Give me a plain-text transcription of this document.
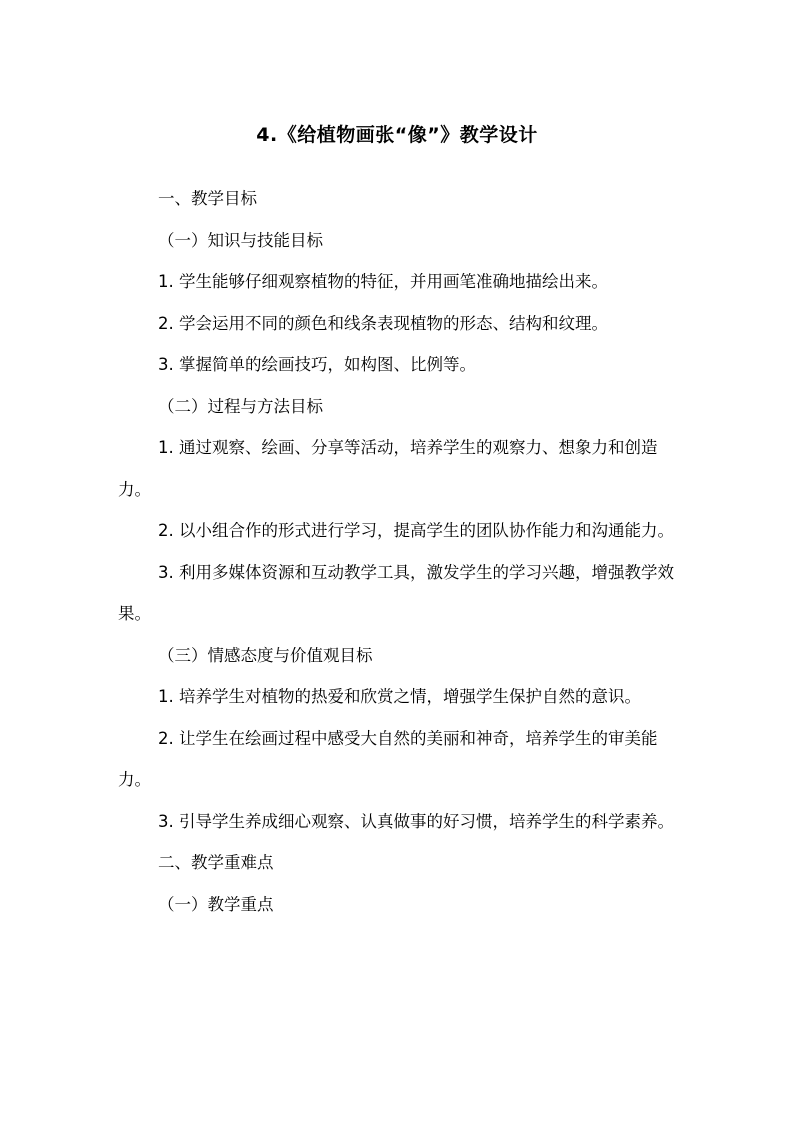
4.《给植物画张“像”》教学设计

一、教学目标

（一）知识与技能目标

1. 学生能够仔细观察植物的特征，并用画笔准确地描绘出来。

2. 学会运用不同的颜色和线条表现植物的形态、结构和纹理。

3. 掌握简单的绘画技巧，如构图、比例等。

（二）过程与方法目标

1. 通过观察、绘画、分享等活动，培养学生的观察力、想象力和创造力。

2. 以小组合作的形式进行学习，提高学生的团队协作能力和沟通能力。

3. 利用多媒体资源和互动教学工具，激发学生的学习兴趣，增强教学效果。

（三）情感态度与价值观目标

1. 培养学生对植物的热爱和欣赏之情，增强学生保护自然的意识。

2. 让学生在绘画过程中感受大自然的美丽和神奇，培养学生的审美能力。

3. 引导学生养成细心观察、认真做事的好习惯，培养学生的科学素养。

二、教学重难点

（一）教学重点
